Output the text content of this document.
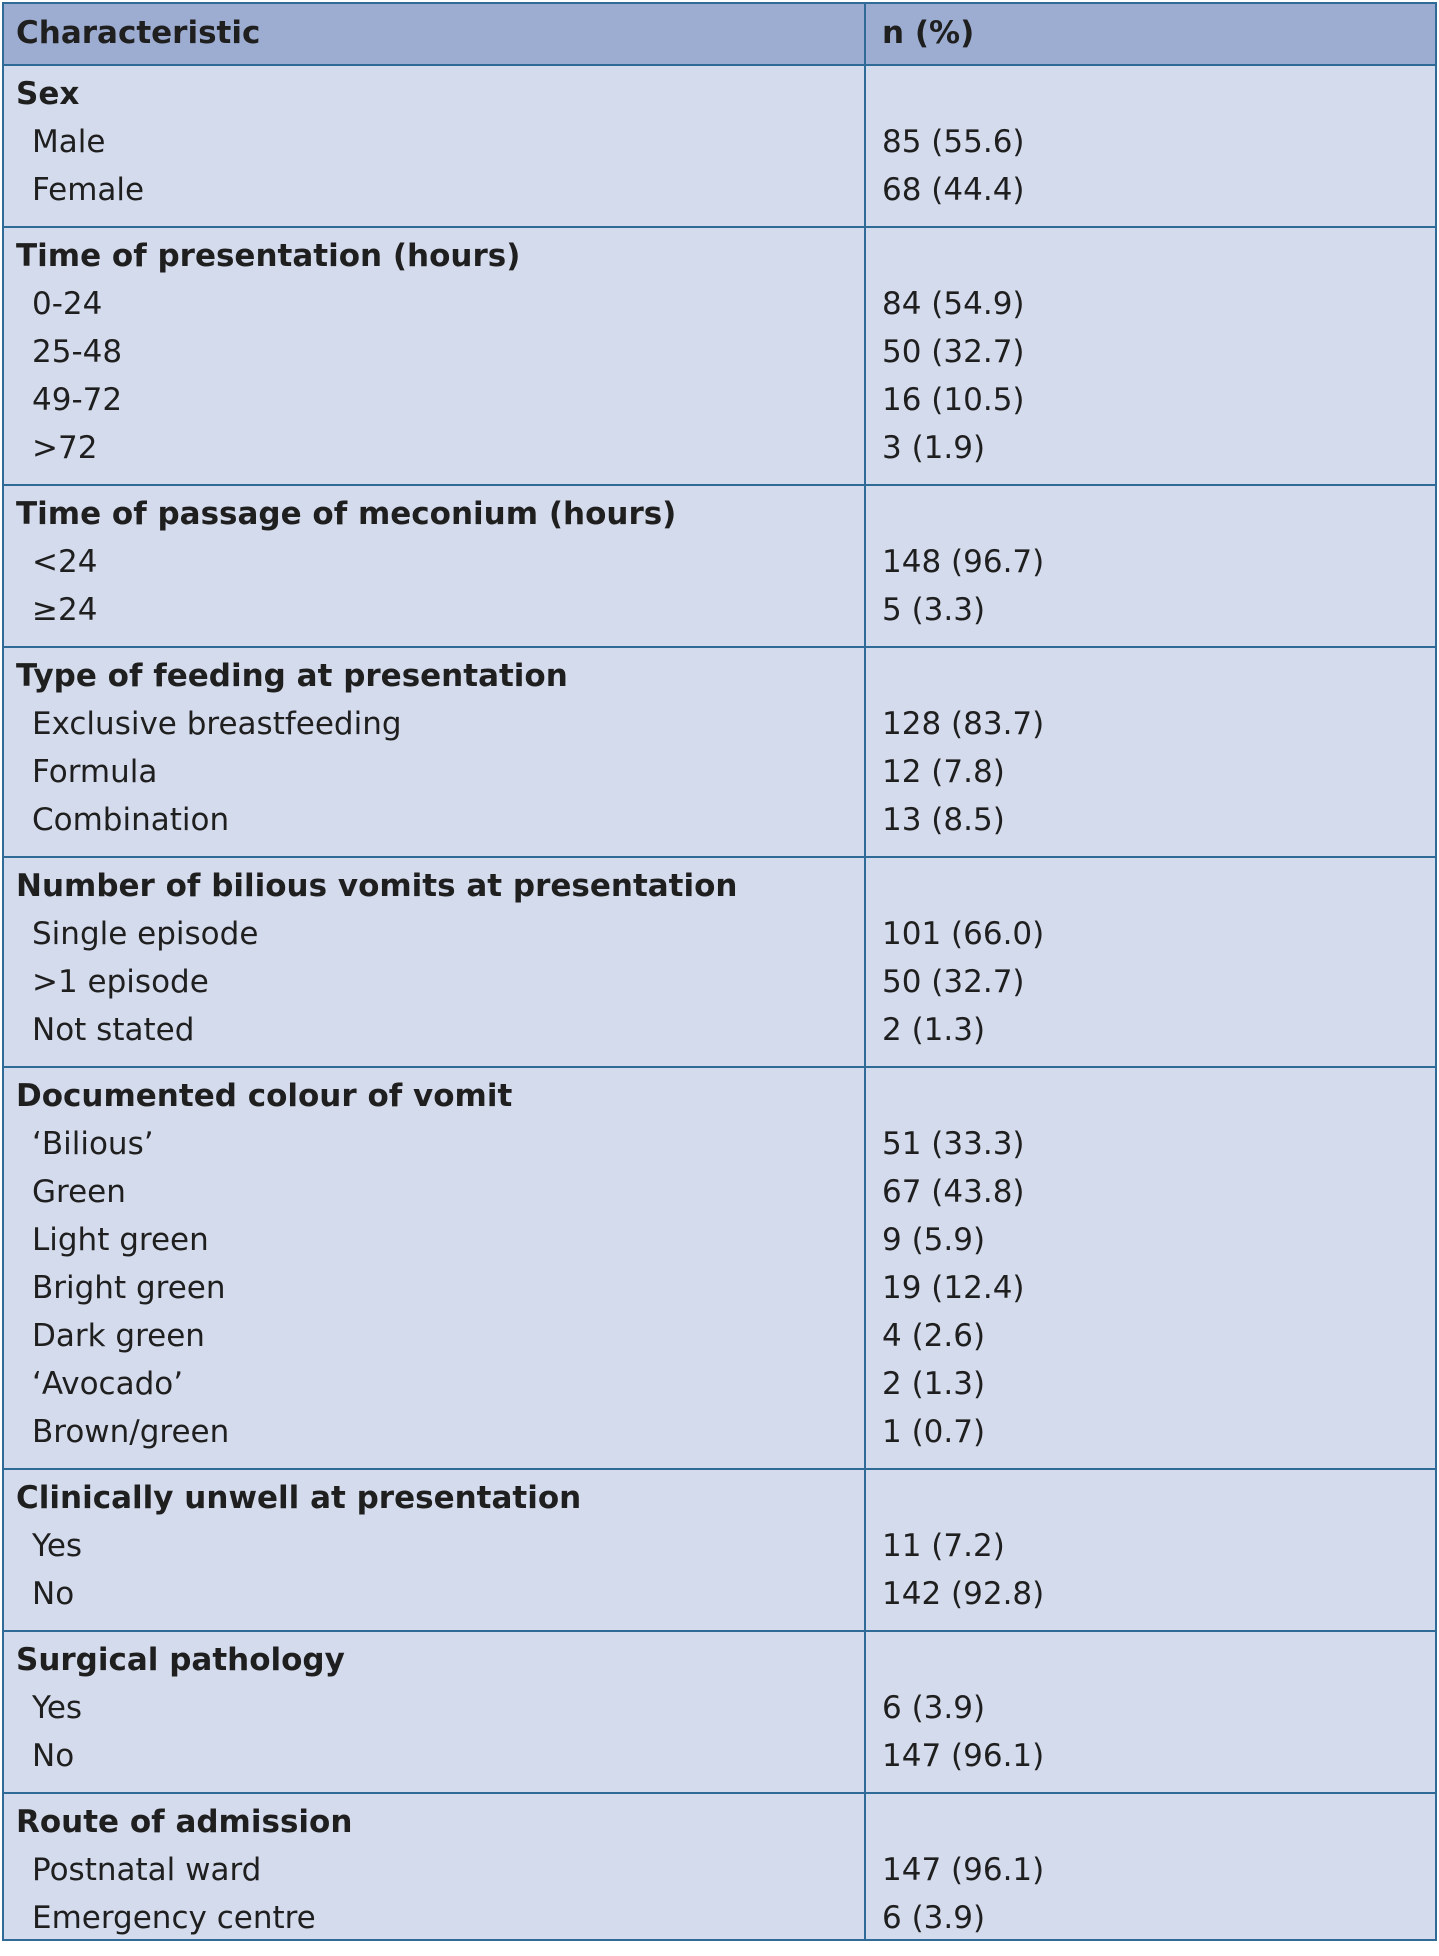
Characteristic	n (%)
Sex
Male	85 (55.6)
Female	68 (44.4)
Time of presentation (hours)
0-24	84 (54.9)
25-48	50 (32.7)
49-72	16 (10.5)
>72	3 (1.9)
Time of passage of meconium (hours)
<24	148 (96.7)
≥24	5 (3.3)
Type of feeding at presentation
Exclusive breastfeeding	128 (83.7)
Formula	12 (7.8)
Combination	13 (8.5)
Number of bilious vomits at presentation
Single episode	101 (66.0)
>1 episode	50 (32.7)
Not stated	2 (1.3)
Documented colour of vomit
‘Bilious’	51 (33.3)
Green	67 (43.8)
Light green	9 (5.9)
Bright green	19 (12.4)
Dark green	4 (2.6)
‘Avocado’	2 (1.3)
Brown/green	1 (0.7)
Clinically unwell at presentation
Yes	11 (7.2)
No	142 (92.8)
Surgical pathology
Yes	6 (3.9)
No	147 (96.1)
Route of admission
Postnatal ward	147 (96.1)
Emergency centre	6 (3.9)
